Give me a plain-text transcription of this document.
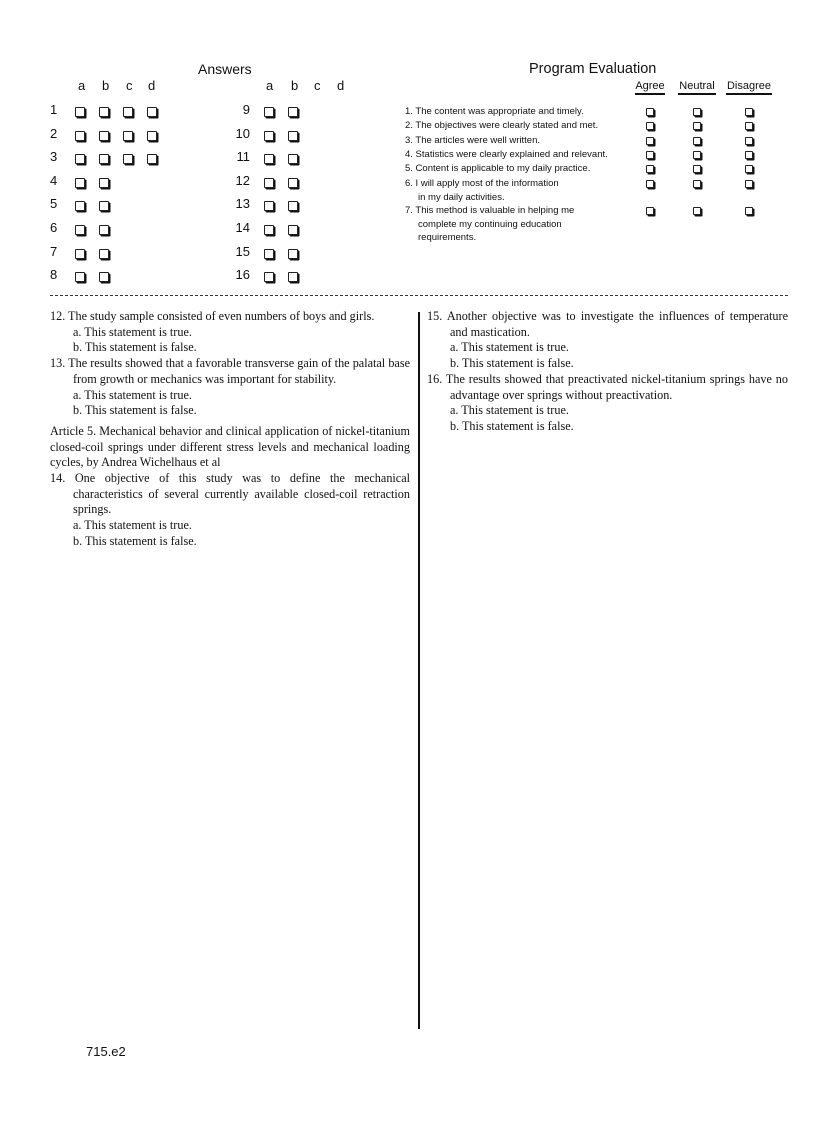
Answers	Program Evaluation
12. The study sample consisted of even numbers of boys and girls.
a. This statement is true.
b. This statement is false.
13. The results showed that a favorable transverse gain of the palatal base from growth or mechanics was important for stability.
a. This statement is true.
b. This statement is false.
Article 5. Mechanical behavior and clinical application of nickel-titanium closed-coil springs under different stress levels and mechanical loading cycles, by Andrea Wichelhaus et al
14. One objective of this study was to define the mechanical characteristics of several currently available closed-coil retraction springs.
a. This statement is true.
b. This statement is false.
15. Another objective was to investigate the influences of temperature and mastication.
a. This statement is true.
b. This statement is false.
16. The results showed that preactivated nickel-titanium springs have no advantage over springs without preactivation.
a. This statement is true.
b. This statement is false.
715.e2
a b c d	a b c d
1
2
3
4
5
6
7
8
9
10
11
12
13
14
15
16
Agree Neutral Disagree
1. The content was appropriate and timely.
2. The objectives were clearly stated and met.
3. The articles were well written.
4. Statistics were clearly explained and relevant.
5. Content is applicable to my daily practice.
6. I will apply most of the information
in my daily activities.
7. This method is valuable in helping me
complete my continuing education
requirements.
